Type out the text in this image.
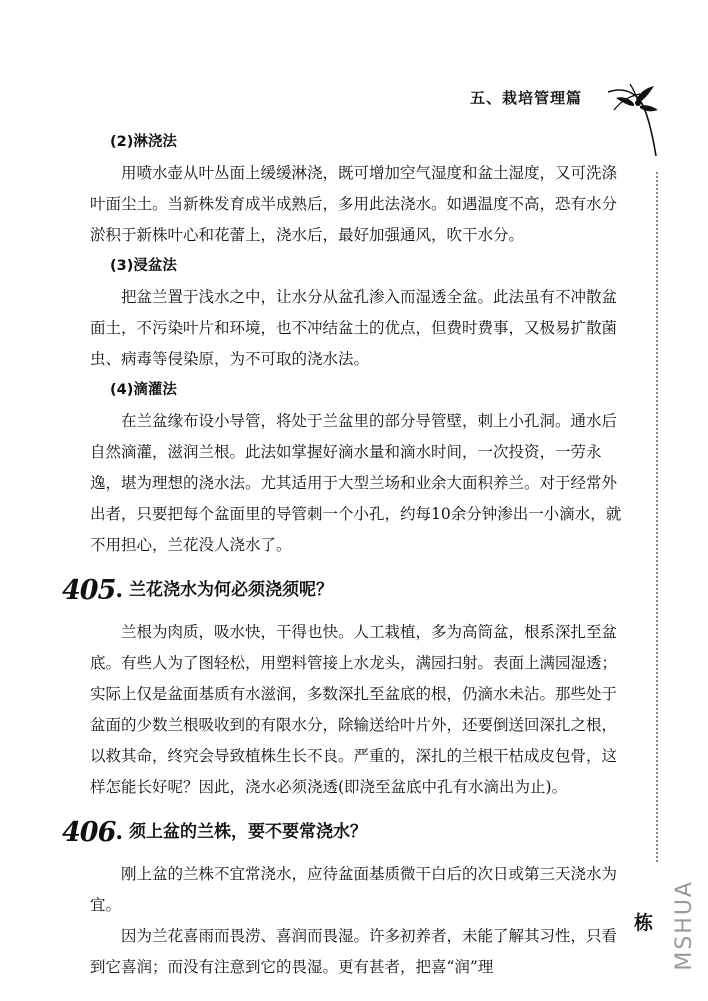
五、栽培管理篇

(2)淋浇法

用喷水壶从叶丛面上缓缓淋浇，既可增加空气湿度和盆土湿度，又可洗涤叶面尘土。当新株发育成半成熟后，多用此法浇水。如遇温度不高，恐有水分淤积于新株叶心和花蕾上，浇水后，最好加强通风，吹干水分。

(3)浸盆法

把盆兰置于浅水之中，让水分从盆孔渗入而湿透全盆。此法虽有不冲散盆面土，不污染叶片和环境，也不冲结盆土的优点，但费时费事，又极易扩散菌虫、病毒等侵染原，为不可取的浇水法。

(4)滴灌法

在兰盆缘布设小导管，将处于兰盆里的部分导管壁，刺上小孔洞。通水后自然滴灌，滋润兰根。此法如掌握好滴水量和滴水时间，一次投资，一劳永逸，堪为理想的浇水法。尤其适用于大型兰场和业余大面积养兰。对于经常外出者，只要把每个盆面里的导管刺一个小孔，约每10余分钟渗出一小滴水，就不用担心，兰花没人浇水了。

405 . 兰花浇水为何必须浇须呢？

兰根为肉质，吸水快，干得也快。人工栽植，多为高筒盆，根系深扎至盆底。有些人为了图轻松，用塑料管接上水龙头，满园扫射。表面上满园湿透；实际上仅是盆面基质有水滋润，多数深扎至盆底的根，仍滴水未沾。那些处于盆面的少数兰根吸收到的有限水分，除输送给叶片外，还要倒送回深扎之根，以救其命，终究会导致植株生长不良。严重的，深扎的兰根干枯成皮包骨，这样怎能长好呢？因此，浇水必须浇透(即浇至盆底中孔有水滴出为止)。

406 . 须上盆的兰株，要不要常浇水？

刚上盆的兰株不宜常浇水，应待盆面基质微干白后的次日或第三天浇水为宜。

因为兰花喜雨而畏涝、喜润而畏湿。许多初养者，未能了解其习性，只看到它喜润；而没有注意到它的畏湿。更有甚者，把喜“润”理

栋 MSHUA
